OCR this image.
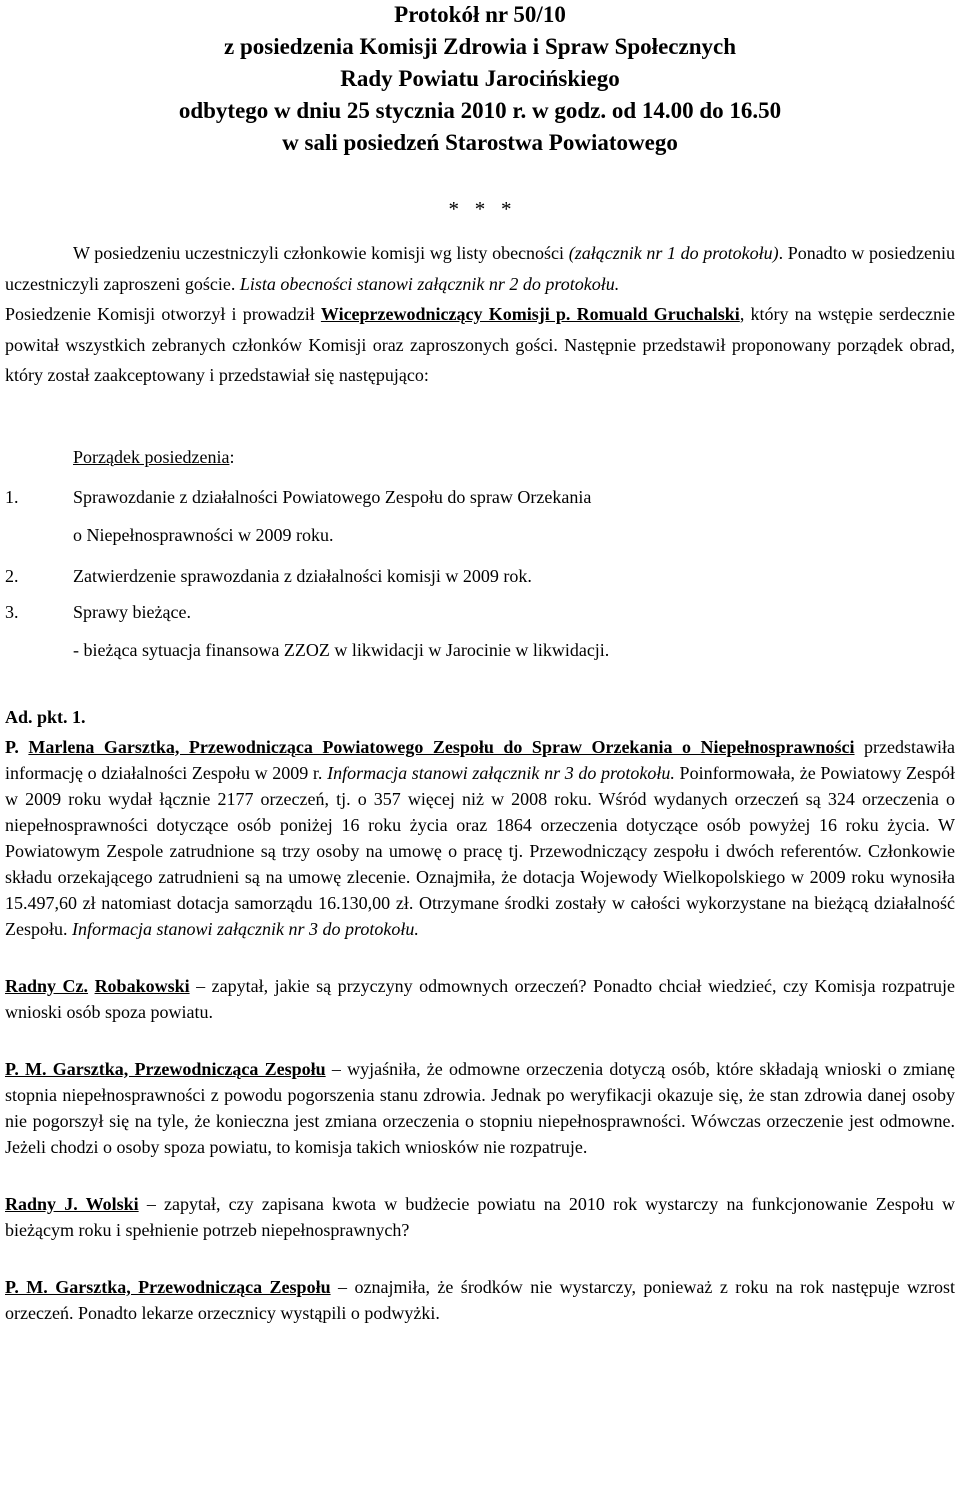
Protokół nr 50/10
z posiedzenia Komisji Zdrowia i Spraw Społecznych
Rady Powiatu Jarocińskiego
odbytego w dniu 25 stycznia 2010 r. w godz. od 14.00 do 16.50
w sali posiedzeń Starostwa Powiatowego
*   *   *

W posiedzeniu uczestniczyli członkowie komisji wg listy obecności (załącznik nr 1 do protokołu). Ponadto w posiedzeniu uczestniczyli zaproszeni goście. Lista obecności stanowi załącznik nr 2 do protokołu.

Posiedzenie Komisji otworzył i prowadził Wiceprzewodniczący Komisji p. Romuald Gruchalski, który na wstępie serdecznie powitał wszystkich zebranych członków Komisji oraz zaproszonych gości. Następnie przedstawił proponowany porządek obrad, który został zaakceptowany i przedstawiał się następująco:

Porządek posiedzenia:
1.	Sprawozdanie z działalności Powiatowego Zespołu do spraw Orzekania
o Niepełnosprawności w 2009 roku.
2.	Zatwierdzenie sprawozdania z działalności komisji w 2009 rok.
3.	Sprawy bieżące.
- bieżąca sytuacja finansowa ZZOZ w likwidacji w Jarocinie w likwidacji.
Ad. pkt. 1.

P. Marlena Garsztka, Przewodnicząca Powiatowego Zespołu do Spraw Orzekania o Niepełnosprawności przedstawiła informację o działalności Zespołu w 2009 r. Informacja stanowi załącznik nr 3 do protokołu. Poinformowała, że Powiatowy Zespół w 2009 roku wydał łącznie 2177 orzeczeń, tj. o 357 więcej niż w 2008 roku. Wśród wydanych orzeczeń są 324 orzeczenia o niepełnosprawności dotyczące osób poniżej 16 roku życia oraz 1864 orzeczenia dotyczące osób powyżej 16 roku życia. W Powiatowym Zespole zatrudnione są trzy osoby na umowę o pracę tj. Przewodniczący zespołu i dwóch referentów. Członkowie składu orzekającego zatrudnieni są na umowę zlecenie. Oznajmiła, że dotacja Wojewody Wielkopolskiego w 2009 roku wynosiła 15.497,60 zł natomiast dotacja samorządu 16.130,00 zł. Otrzymane środki zostały w całości wykorzystane na bieżącą działalność Zespołu. Informacja stanowi załącznik nr 3 do protokołu.

Radny Cz. Robakowski – zapytał, jakie są przyczyny odmownych orzeczeń? Ponadto chciał wiedzieć, czy Komisja rozpatruje wnioski osób spoza powiatu.

P. M. Garsztka, Przewodnicząca Zespołu – wyjaśniła, że odmowne orzeczenia dotyczą osób, które składają wnioski o zmianę stopnia niepełnosprawności z powodu pogorszenia stanu zdrowia. Jednak po weryfikacji okazuje się, że stan zdrowia danej osoby nie pogorszył się na tyle, że konieczna jest zmiana orzeczenia o stopniu niepełnosprawności. Wówczas orzeczenie jest odmowne. Jeżeli chodzi o osoby spoza powiatu, to komisja takich wniosków nie rozpatruje.

Radny J. Wolski – zapytał, czy zapisana kwota w budżecie powiatu na 2010 rok wystarczy na funkcjonowanie Zespołu w bieżącym roku i spełnienie potrzeb niepełnosprawnych?

P. M. Garsztka, Przewodnicząca Zespołu – oznajmiła, że środków nie wystarczy, ponieważ z roku na rok następuje wzrost orzeczeń. Ponadto lekarze orzecznicy wystąpili o podwyżki.
